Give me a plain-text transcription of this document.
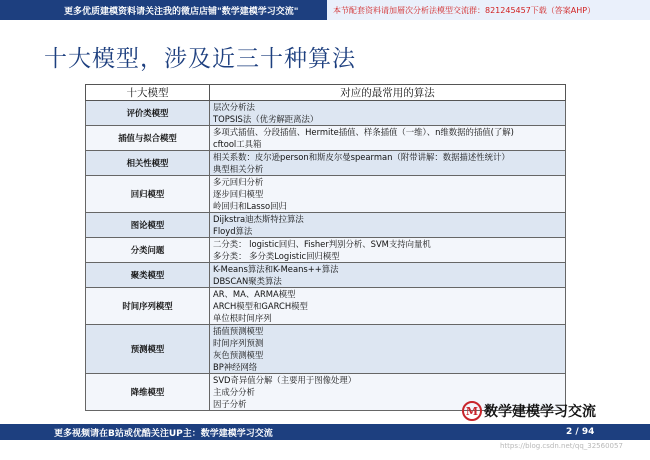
更多优质建模资料请关注我的微店店铺"数学建模学习交流"	本节配套资料请加層次分析法模型交流群：821245457下载（答案AHP）
十大模型，涉及近三十种算法
十大模型	对应的最常用的算法
评价类模型	层次分析法
TOPSIS法（优劣解距离法）

插值与拟合模型	多项式插值、分段插值、Hermite插值、样条插值（一维）、n维数据的插值(了解)
cftool工具箱

相关性模型	相关系数：皮尔逊person和斯皮尔曼spearman（附带讲解：数据描述性统计）
典型相关分析

回归模型	多元回归分析
逐步回归模型
岭回归和Lasso回归

图论模型	Dijkstra迪杰斯特拉算法
Floyd算法

分类问题	二分类： logistic回归、Fisher判别分析、SVM支持向量机
多分类： 多分类Logistic回归模型

聚类模型	K-Means算法和K-Means++算法
DBSCAN聚类算法

时间序列模型	AR、MA、ARMA模型
ARCH模型和GARCH模型
单位根时间序列

预测模型	插值预测模型
时间序列预测
灰色预测模型
BP神经网络

降维模型	SVD奇异值分解（主要用于图像处理）
主成分分析
因子分析
M 数学建模学习交流
更多视频请在B站或优酷关注UP主：数学建模学习交流	2 / 94
https://blog.csdn.net/qq_32560057
